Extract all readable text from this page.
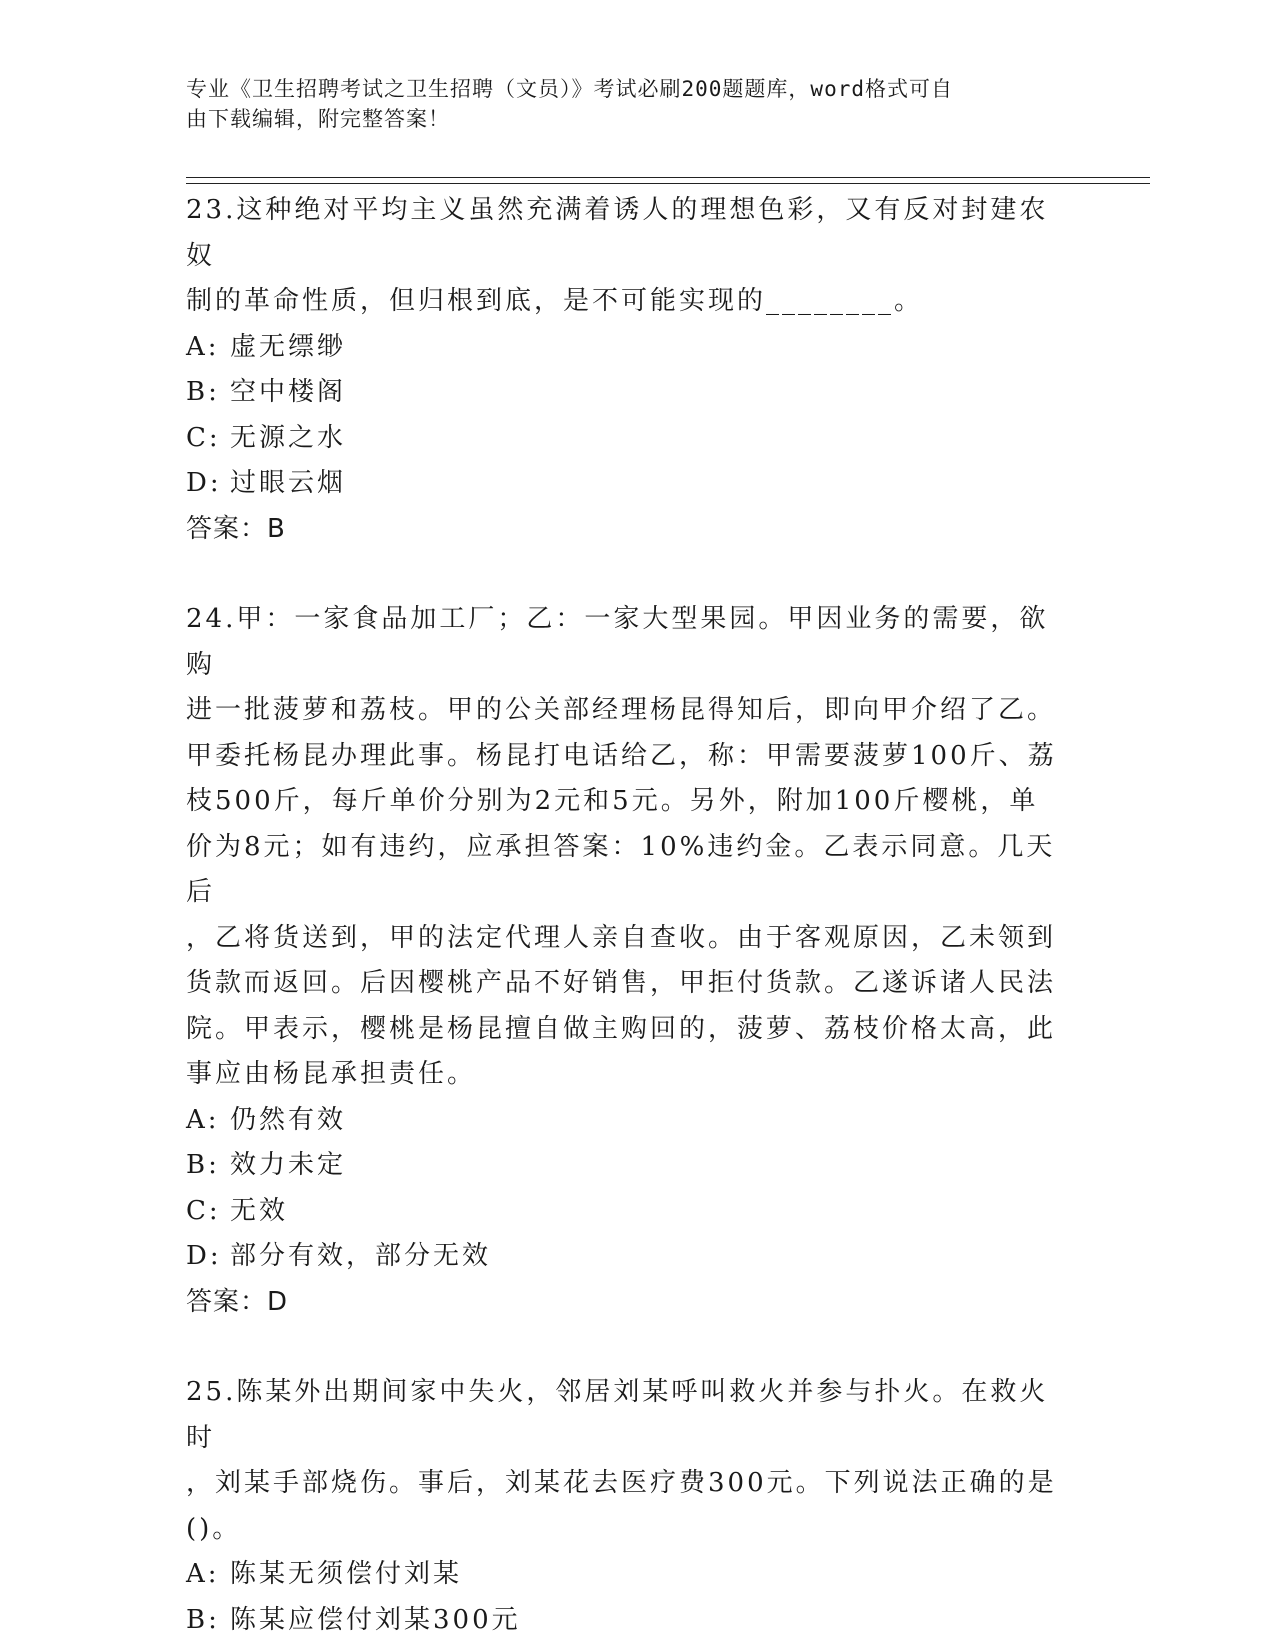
专业《卫生招聘考试之卫生招聘（文员）》考试必刷200题题库，word格式可自
由下载编辑，附完整答案！
23.这种绝对平均主义虽然充满着诱人的理想色彩，又有反对封建农奴
制的革命性质，但归根到底，是不可能实现的________。
A: 虚无缥缈
B: 空中楼阁
C: 无源之水
D: 过眼云烟
答案：B
24.甲：一家食品加工厂；乙：一家大型果园。甲因业务的需要，欲购
进一批菠萝和荔枝。甲的公关部经理杨昆得知后，即向甲介绍了乙。
甲委托杨昆办理此事。杨昆打电话给乙，称：甲需要菠萝100斤、荔
枝500斤，每斤单价分别为2元和5元。另外，附加100斤樱桃，单
价为8元；如有违约，应承担答案：10%违约金。乙表示同意。几天后
，乙将货送到，甲的法定代理人亲自查收。由于客观原因，乙未领到
货款而返回。后因樱桃产品不好销售，甲拒付货款。乙遂诉诸人民法
院。甲表示，樱桃是杨昆擅自做主购回的，菠萝、荔枝价格太高，此
事应由杨昆承担责任。
A: 仍然有效
B: 效力未定
C: 无效
D: 部分有效，部分无效
答案：D
25.陈某外出期间家中失火，邻居刘某呼叫救火并参与扑火。在救火时
，刘某手部烧伤。事后，刘某花去医疗费300元。下列说法正确的是
()。
A: 陈某无须偿付刘某
B: 陈某应偿付刘某300元
